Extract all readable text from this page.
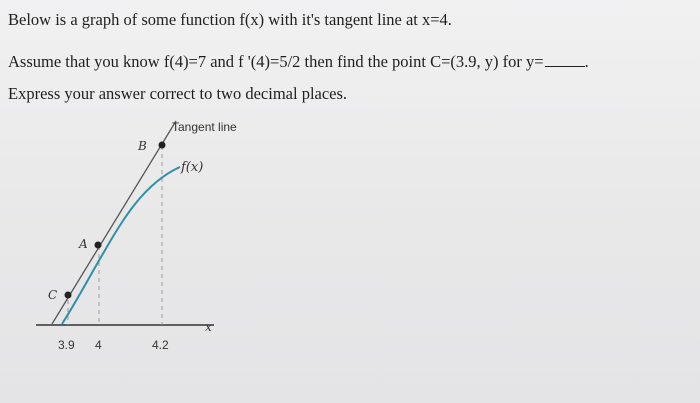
Below is a graph of some function f(x) with it's tangent line at x=4.
Assume that you know f(4)=7 and f '(4)=5/2 then find the point C=(3.9, y) for y= .
Express your answer correct to two decimal places.
C
A
B
Tangent line
f(x)
x
3.9 4	4.2
